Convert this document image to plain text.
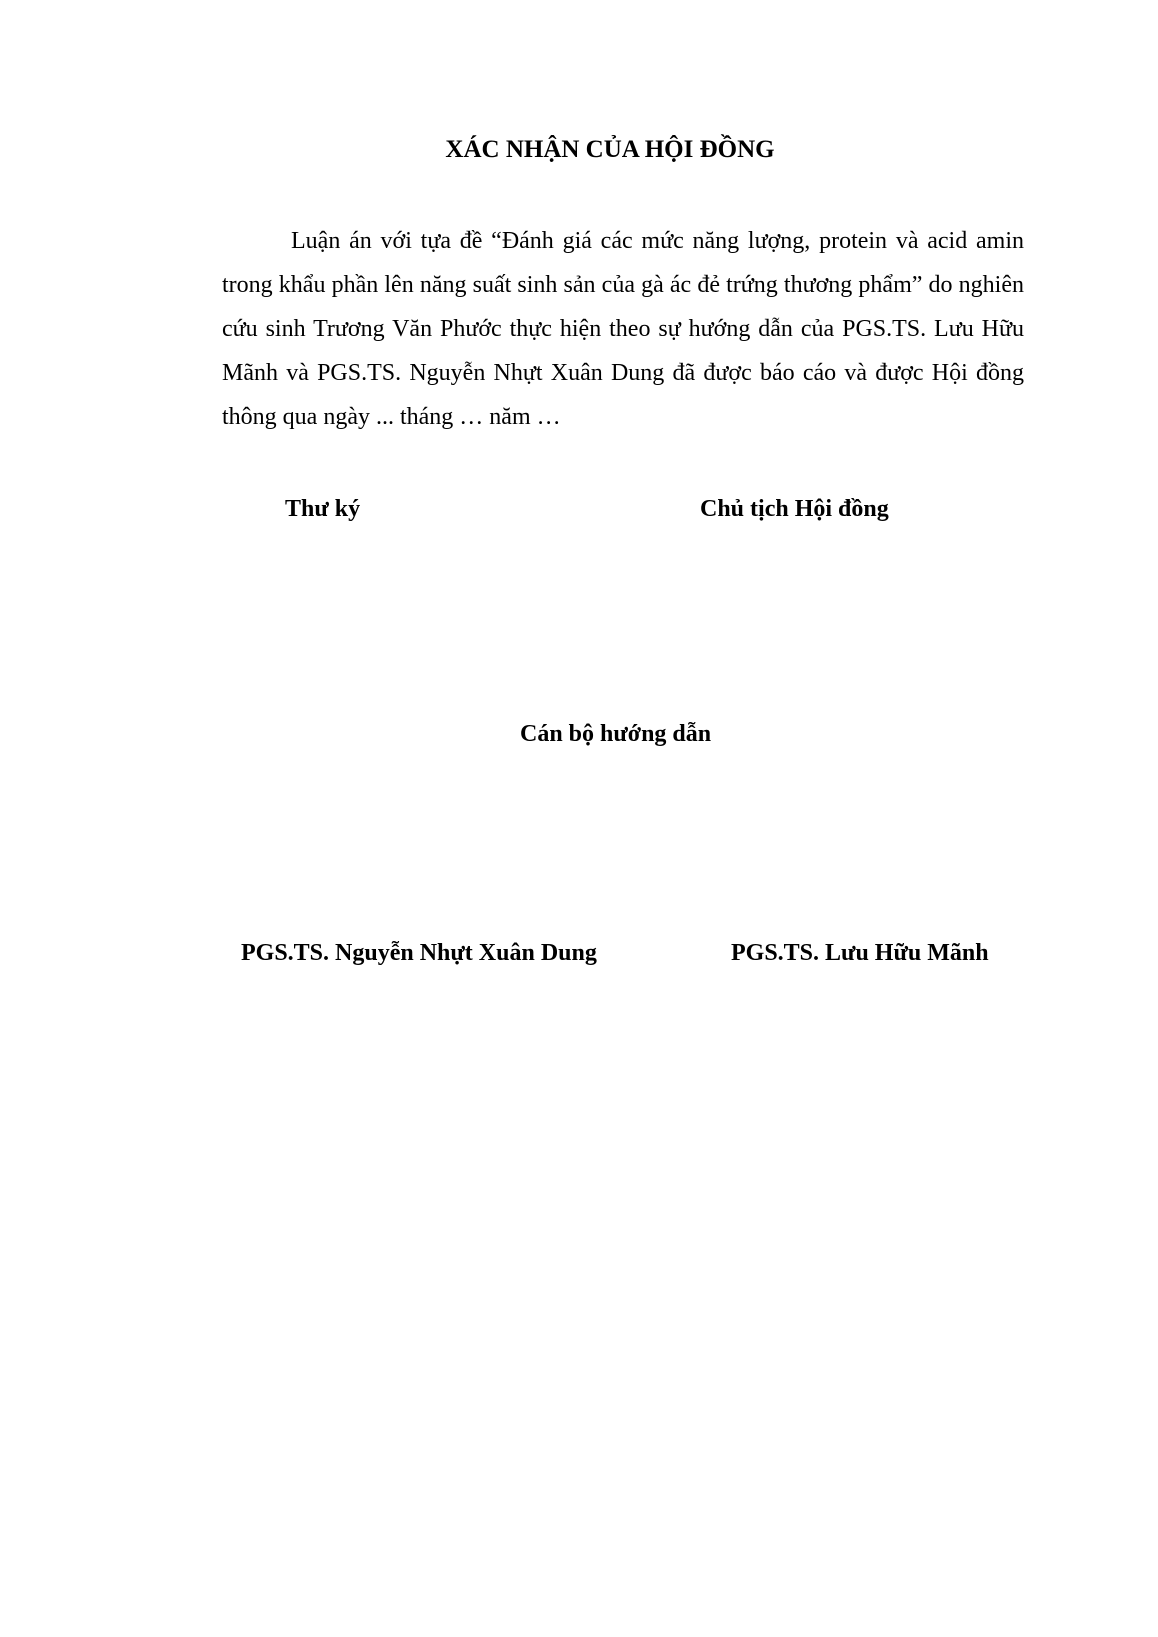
XÁC NHẬN CỦA HỘI ĐỒNG

Luận án với tựa đề “Đánh giá các mức năng lượng, protein và acid amin trong khẩu phần lên năng suất sinh sản của gà ác đẻ trứng thương phẩm” do nghiên cứu sinh Trương Văn Phước thực hiện theo sự hướng dẫn của PGS.TS. Lưu Hữu Mãnh và PGS.TS. Nguyễn Nhựt Xuân Dung đã được báo cáo và được Hội đồng thông qua ngày ... tháng … năm …

Thư ký	Chủ tịch Hội đồng

Cán bộ hướng dẫn

PGS.TS. Nguyễn Nhựt Xuân Dung	PGS.TS. Lưu Hữu Mãnh
